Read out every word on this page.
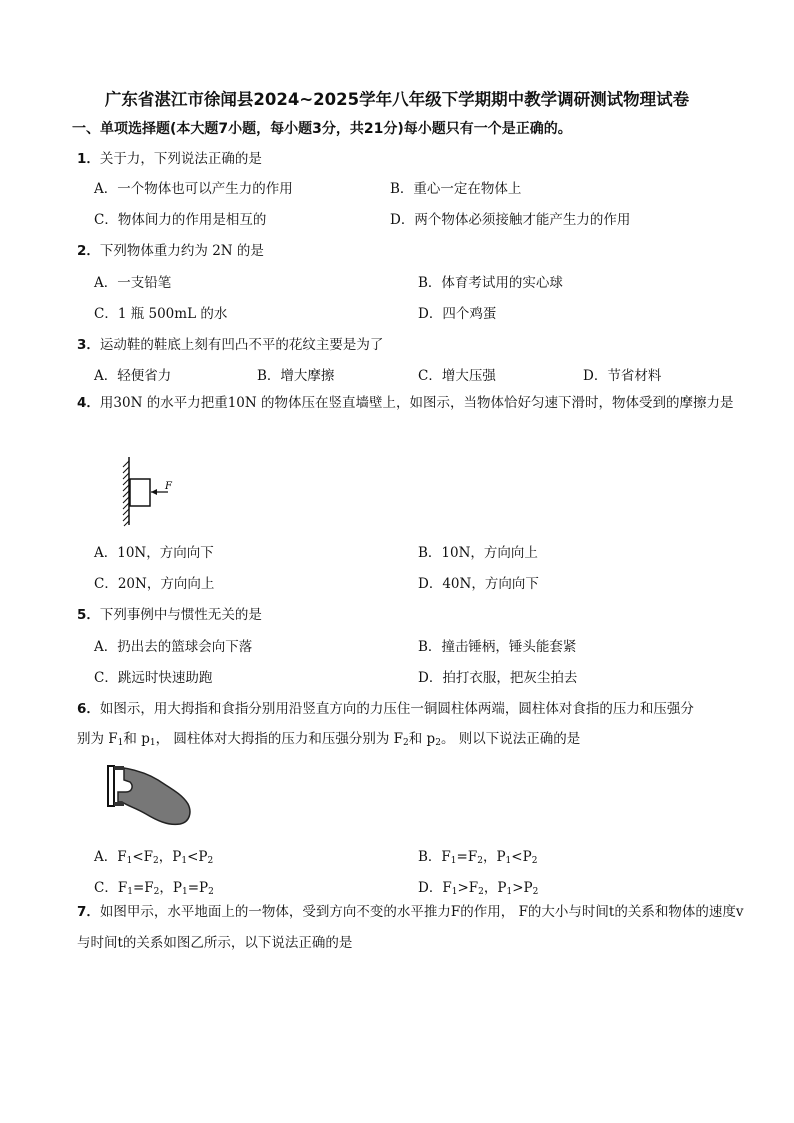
广东省湛江市徐闻县2024~2025学年八年级下学期期中教学调研测试物理试卷
一、单项选择题(本大题7小题，每小题3分，共21分)每小题只有一个是正确的。
1．关于力，下列说法正确的是
A．一个物体也可以产生力的作用	B．重心一定在物体上
C．物体间力的作用是相互的	D．两个物体必须接触才能产生力的作用
2．下列物体重力约为 2N 的是
A．一支铅笔	B．体育考试用的实心球
C．1 瓶 500mL 的水	D．四个鸡蛋
3．运动鞋的鞋底上刻有凹凸不平的花纹主要是为了
A．轻便省力	B．增大摩擦	C．增大压强	D．节省材料
4．用30N 的水平力把重10N 的物体压在竖直墙壁上，如图示，当物体恰好匀速下滑时，物体受到的摩擦力是
F
A．10N，方向向下	B．10N，方向向上
C．20N，方向向上	D．40N，方向向下
5．下列事例中与惯性无关的是
A．扔出去的篮球会向下落	B．撞击锤柄，锤头能套紧
C．跳远时快速助跑	D．拍打衣服，把灰尘拍去
6．如图示，用大拇指和食指分别用沿竖直方向的力压住一铜圆柱体两端，圆柱体对食指的压力和压强分
别为 $F_1$和 $p_1$， 圆柱体对大拇指的压力和压强分别为 $F_2$和 $p_2$。 则以下说法正确的是
A．$F_1<F_2$，$P_1<P_2$	B．$F_1=F_2$，$P_1<P_2$
C．$F_1=F_2$，$P_1=P_2$	D．$F_1>F_2$，$P_1>P_2$
7．如图甲示，水平地面上的一物体，受到方向不变的水平推力F的作用， F的大小与时间t的关系和物体的速度v与时间t的关系如图乙所示，以下说法正确的是
